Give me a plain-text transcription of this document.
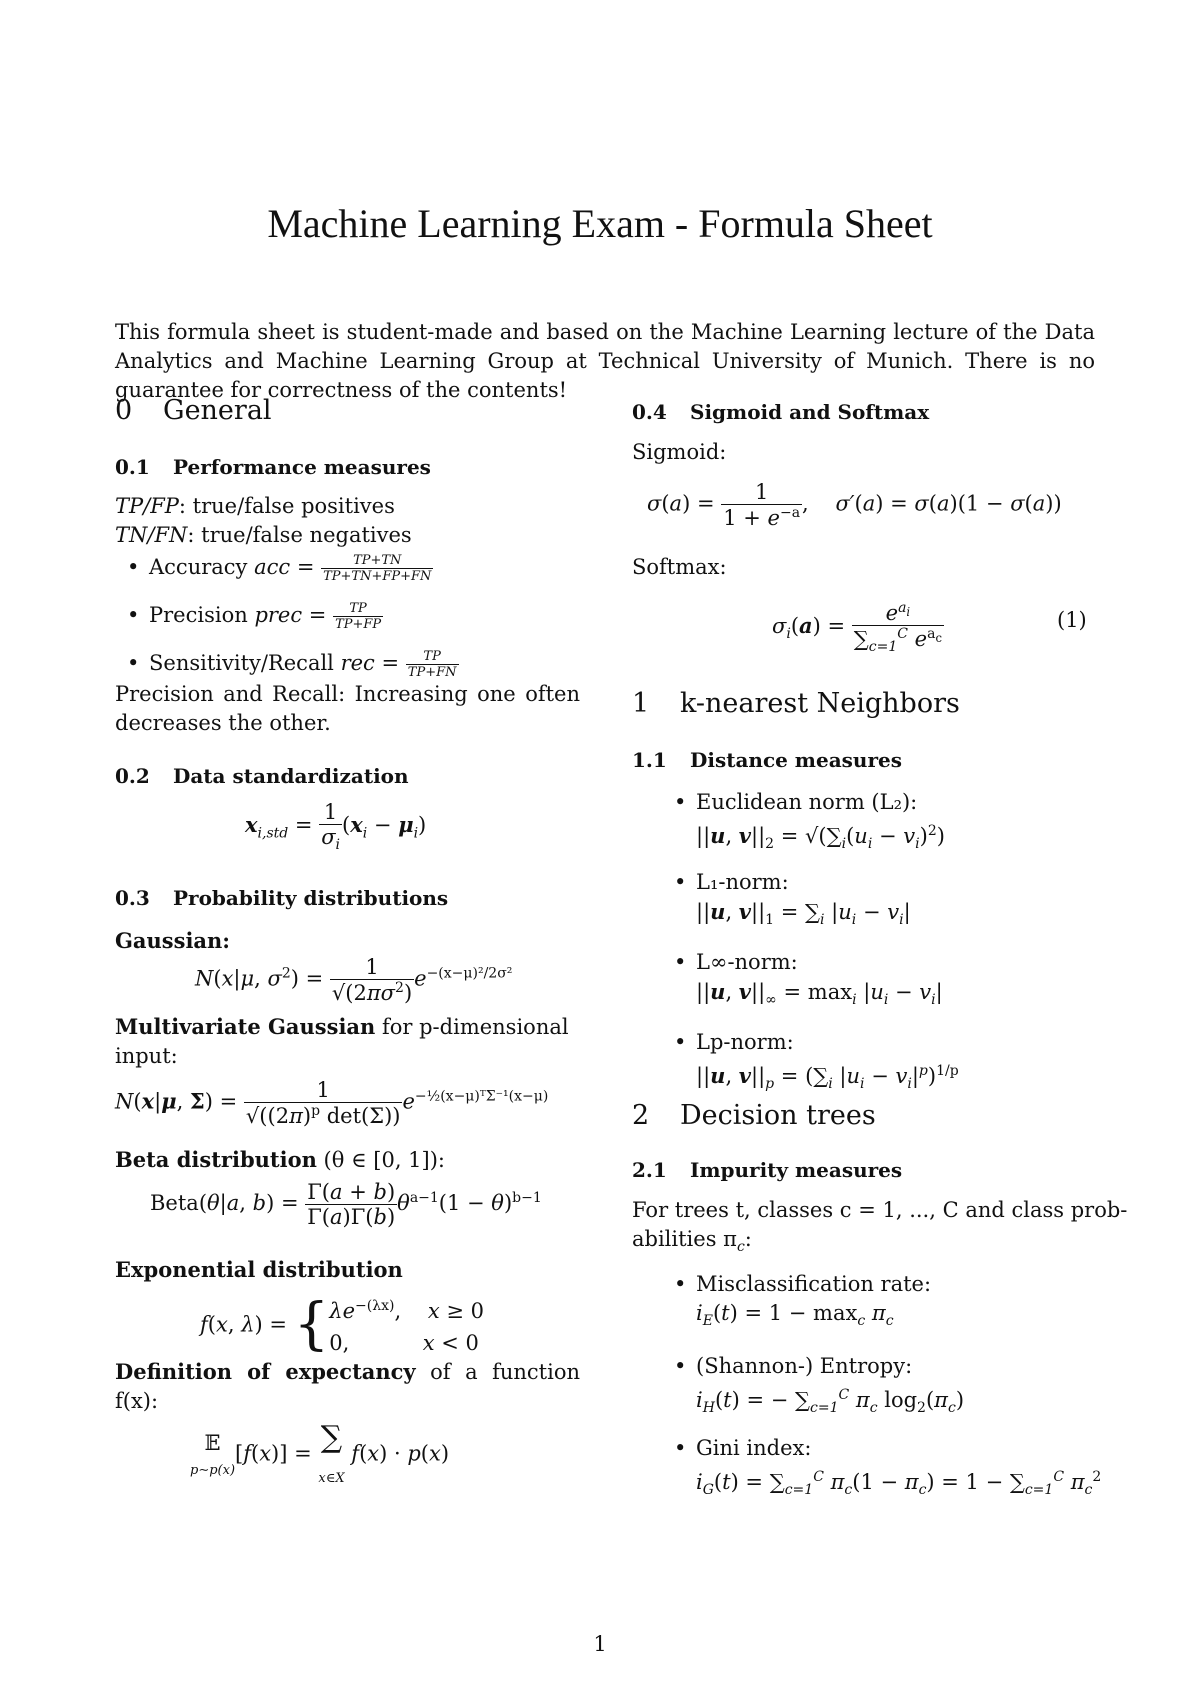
Machine Learning Exam - Formula Sheet
This formula sheet is student-made and based on the Machine Learning lecture of the Data Analytics and Machine Learning Group at Technical University of Munich. There is no guarantee for correctness of the contents!
0 General
0.1 Performance measures
TP/FP: true/false positives
TN/FN: true/false negatives
• Accuracy acc = $\frac{TP+TN}{TP+TN+FP+FN}$
• Precision prec = $\frac{TP}{TP+FP}$
• Sensitivity/Recall rec = $\frac{TP}{TP+FN}$
Precision and Recall: Increasing one often decreases the other.
0.2 Data standardization
$x_{i,std} = \frac{1}{\sigma_i} (x_i - \mu_i)$
0.3 Probability distributions
Gaussian:
N(x|μ, $\sigma^2) = \frac{1}{√(2\pi\sigma^2)} e^{-(x-\mu)^2/2\sigma^2}$
Multivariate Gaussian for p-dimensional input:
N(x|μ, $\Sigma) = \frac{1}{√((2\pi)^p \det(\Sigma))} e^{-\frac{1}{2}(x-\mu)ᵀ\Sigma^{-1}(x-\mu)}$
Beta distribution (θ ∈ [0, 1]):
Beta(θ|a, $b) = \frac{\Gamma(a + b)}{\Gamma(a)\Gamma(b)} \theta^{a-1}(1 - \theta)^{b-1}$
Exponential distribution
f(x, $\lambda) = \{\lambda e^{-(\lambda x)}$,    x ≥ 0
0,           x < 0
Definition of expectancy of a function f(x):
𝔼
p∼p(x)[f(x)] = ∑
x∈X f(x) · p(x)
0.4 Sigmoid and Softmax
Sigmoid:
$\sigma(a) = \frac{1}{1 + e^{-a}}$ ,    σ′(a) = σ(a)(1 − σ(a))
Softmax:
$\sigma_i(a) = \frac{e^{a_i}}{\sum_{c=1}^C e^{a_c}}$	(1)
1 k-nearest Neighbors
1.1 Distance measures
• Euclidean norm (L₂):
||u, $v||_2 = √(\sum_i(u_i - v_i)^2)$
• L₁-norm:
||u, $v||_1 = \sum_i$ $|u_i - v_i|$
• L∞-norm:
||u, $v||_\infty = \max_i |u_i - v_i|$
• Lp-norm:
||u, $v||_p = (\sum_i$ $|u_i - v_i|^p)^{1/p}$
2 Decision trees
2.1 Impurity measures
For trees t, classes c = 1, ..., C and class prob-
abilities $\pi_c$:
• Misclassification rate:
$i_E(t) = 1 - \max_c \pi_c$
• (Shannon-) Entropy:
$i_H(t)$ = − $\sum_{c=1}^C$ $\pi_c$ $\log_2(\pi_c)$
• Gini index:
$i_G(t) = \sum_{c=1}^C$ $\pi_c(1 - \pi_c) = 1 - \sum_{c=1}^C$ $\pi_c^2$
1
